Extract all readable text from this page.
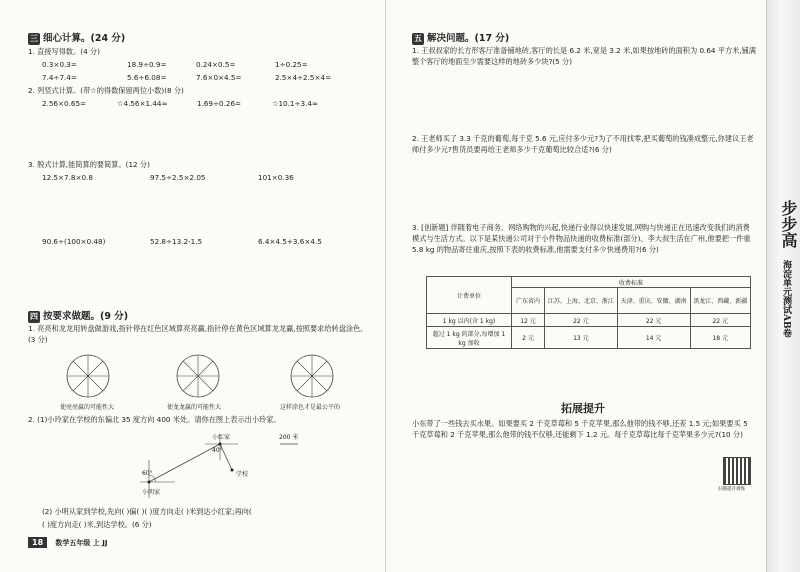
三 细心计算。(24 分)
1. 直接写得数。(4 分)
0.3×0.3=	18.9÷0.9=	0.24×0.5=	1÷0.25=
7.4÷7.4=	5.6÷6.08=	7.6×0×4.5=	2.5×4÷2.5×4=
2. 列竖式计算。(带☆的得数保留两位小数)(8 分)
2.56×0.65=	☆4.56×1.44≈	1.69÷0.26=	☆10.1÷3.4≈
3. 脱式计算,能简算的要简算。(12 分)
12.5×7.8×0.8	97.5÷2.5×2.05	101×0.36
90.6÷(100×0.48)	52.8÷13.2-1.5	6.4×4.5+3.6×4.5
四 按要求做题。(9 分)
1. 亮亮和龙龙用转盘做游戏,指针停在红色区域算亮亮赢,指针停在黄色区域算龙龙赢,按照要求给转盘涂色。(3 分)
使亮亮赢的可能性大	使龙龙赢的可能性大	这样涂色才是最公平的
2. (1)小玲家在学校的东偏北 35 度方向 400 米处。请你在图上表示出小玲家。
小红家
40°
60°	学校
小明家
200 米
(2) 小明从家到学校,先向( )偏( )( )度方向走( )米到达小红家;再向(
( )度方向走( )米,到达学校。(6 分)
18 数学五年级 上 JJ
五 解决问题。(17 分)
1. 王叔叔家的长方形客厅准备铺地砖,客厅的长是 6.2 米,宽是 3.2 米,如果按地砖的面积为 0.64 平方米,铺满整个客厅的地面至少需要这样的地砖多少块?(5 分)
2. 王老师买了 3.3 千克的葡萄,每千克 5.6 元,应付多少元?为了不用找零,把买葡萄的钱凑成整元,你建议王老师付多少元?售货员要再给王老师多少千克葡萄比较合适?(6 分)
3. [创新题] 伴随着电子商务、网络购物的兴起,快递行业得以快速发展,网购与快递正在迅速改变我们的消费模式与生活方式。以下是某快递公司对于小件物品快递的收费标准(部分)。李大叔生活在广州,他要把一件重 5.8 kg 的物品寄往重庆,按照下表的收费标准,他需要支付多少快递费用?(6 分)
计费单位	收费标准			
	广东省内	江苏、上海、北京、浙江	天津、重庆、安徽、湖南	黑龙江、西藏、新疆
1 kg 以内(含 1 kg)	12 元	22 元	22 元	22 元
超过 1 kg 的部分,每增加 1 kg 加收	2 元	13 元	14 元	18 元
拓展提升
小东带了一些钱去买水果。如果要买 2 千克草莓和 5 千克苹果,那么他带的钱不够,还差 1.5 元;如果要买 5 千克草莓和 2 千克苹果,那么他带的钱不仅够,还能剩下 1.2 元。每千克草莓比每千克苹果多少元?(10 分)
扫描提升训练
步步高
海淀单元测试AB卷
